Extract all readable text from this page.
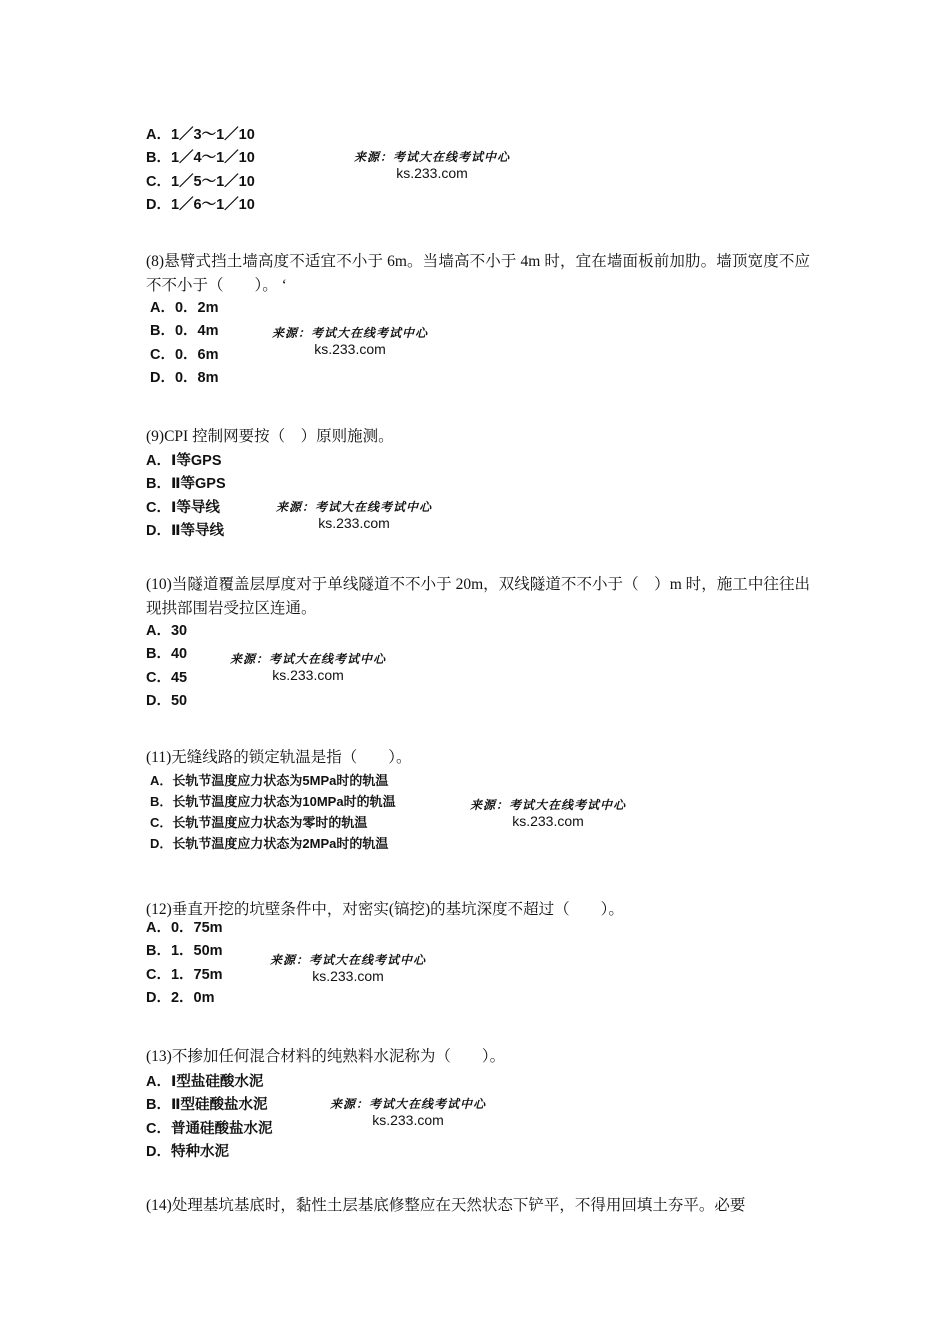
A．1／3～1／10
B．1／4～1／10
C．1／5～1／10
D．1／6～1／10
来源：考试大在线考试中心
ks.233.com

(8)悬臂式挡土墙高度不适宜不小于 6m。当墙高不小于 4m 时，宜在墙面板前加肋。墙顶宽度不应不不小于（　　）。 ‘

A．0．2m
B．0．4m
C．0．6m
D．0．8m
来源：考试大在线考试中心
ks.233.com

(9)CPI 控制网要按（　）原则施测。

A．Ⅰ等GPS
B．Ⅱ等GPS
C．Ⅰ等导线
D．Ⅱ等导线
来源：考试大在线考试中心
ks.233.com

(10)当隧道覆盖层厚度对于单线隧道不不小于 20m，双线隧道不不小于（　）m 时，施工中往往出现拱部围岩受拉区连通。

A．30
B．40
C．45
D．50
来源：考试大在线考试中心
ks.233.com

(11)无缝线路的锁定轨温是指（　　）。

A．长轨节温度应力状态为5MPa时的轨温
B．长轨节温度应力状态为10MPa时的轨温
C．长轨节温度应力状态为零时的轨温
D．长轨节温度应力状态为2MPa时的轨温
来源：考试大在线考试中心
ks.233.com

(12)垂直开挖的坑壁条件中，对密实(镐挖)的基坑深度不超过（　　）。

A．0．75m
B．1．50m
C．1．75m
D．2．0m
来源：考试大在线考试中心
ks.233.com

(13)不掺加任何混合材料的纯熟料水泥称为（　　）。

A．Ⅰ型盐硅酸水泥
B．Ⅱ型硅酸盐水泥
C．普通硅酸盐水泥
D．特种水泥
来源：考试大在线考试中心
ks.233.com

(14)处理基坑基底时，黏性土层基底修整应在天然状态下铲平，不得用回填土夯平。必要
